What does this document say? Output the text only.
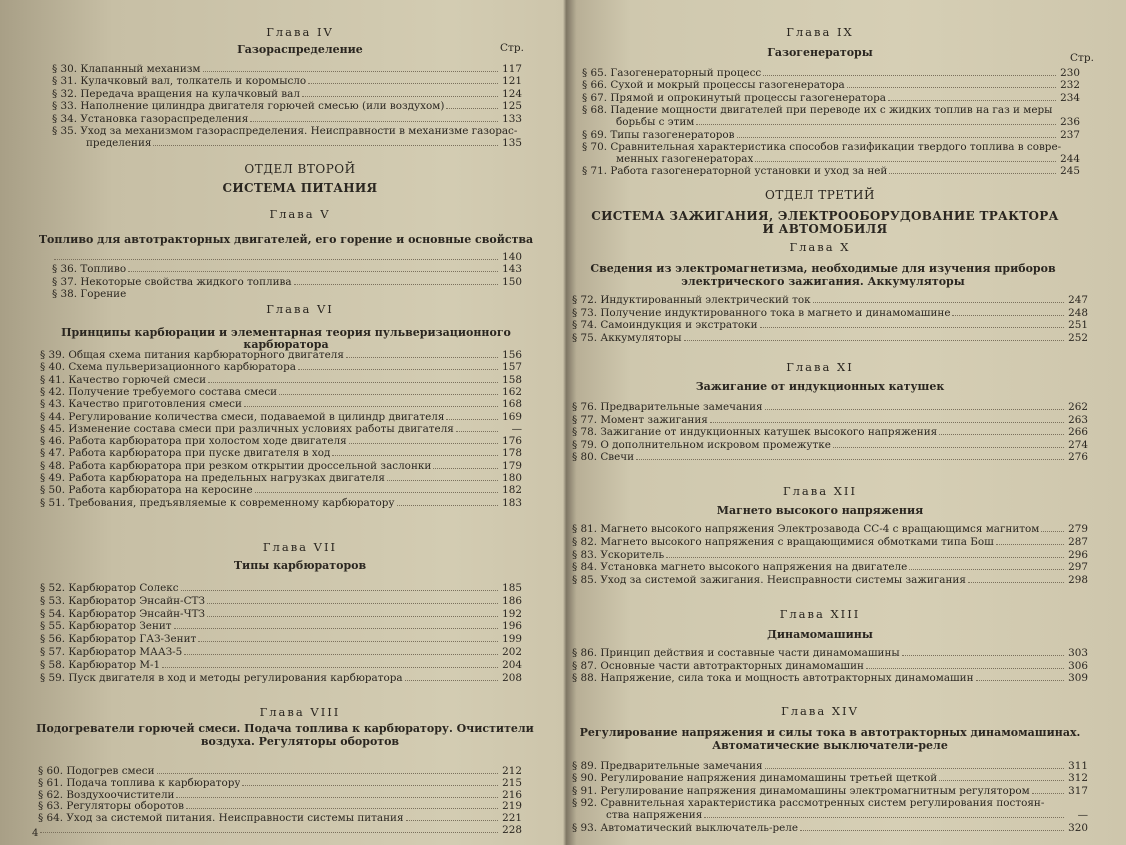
Глава IV
Газораспределение	Стр.
§ 30. Клапанный механизм	117
§ 31. Кулачковый вал, толкатель и коромысло	121
§ 32. Передача вращения на кулачковый вал	124
§ 33. Наполнение цилиндра двигателя горючей смесью (или воздухом)	125
§ 34. Установка газораспределения	133
§ 35. Уход за механизмом газораспределения. Неисправности в механизме газорас-
пределения	135
ОТДЕЛ ВТОРОЙ
СИСТЕМА ПИТАНИЯ
Глава V
Топливо для автотракторных двигателей, его горение и основные свойства
140
§ 36. Топливо	143
§ 37. Некоторые свойства жидкого топлива	150
§ 38. Горение
Глава VI
Принципы карбюрации и элементарная теория пульверизационного карбюратора
§ 39. Общая схема питания карбюраторного двигателя	156
§ 40. Схема пульверизационного карбюратора	157
§ 41. Качество горючей смеси	158
§ 42. Получение требуемого состава смеси	162
§ 43. Качество приготовления смеси	168
§ 44. Регулирование количества смеси, подаваемой в цилиндр двигателя	169
§ 45. Изменение состава смеси при различных условиях работы двигателя	—
§ 46. Работа карбюратора при холостом ходе двигателя	176
§ 47. Работа карбюратора при пуске двигателя в ход	178
§ 48. Работа карбюратора при резком открытии дроссельной заслонки	179
§ 49. Работа карбюратора на предельных нагрузках двигателя	180
§ 50. Работа карбюратора на керосине	182
§ 51. Требования, предъявляемые к современному карбюратору	183
Глава VII
Типы карбюраторов
§ 52. Карбюратор Солекс	185
§ 53. Карбюратор Энсайн-СТЗ	186
§ 54. Карбюратор Энсайн-ЧТЗ	192
§ 55. Карбюратор Зенит	196
§ 56. Карбюратор ГАЗ-Зенит	199
§ 57. Карбюратор МААЗ-5	202
§ 58. Карбюратор М-1	204
§ 59. Пуск двигателя в ход и методы регулирования карбюратора	208
Глава VIII
Подогреватели горючей смеси. Подача топлива к карбюратору. Очистители
воздуха. Регуляторы оборотов
§ 60. Подогрев смеси	212
§ 61. Подача топлива к карбюратору	215
§ 62. Воздухоочистители	216
§ 63. Регуляторы оборотов	219
§ 64. Уход за системой питания. Неисправности системы питания	221
228
4
Глава IX
Газогенераторы	Стр.
§ 65. Газогенераторный процесс	230
§ 66. Сухой и мокрый процессы газогенератора	232
§ 67. Прямой и опрокинутый процессы газогенератора	234
§ 68. Падение мощности двигателей при переводе их с жидких топлив на газ и меры
борьбы с этим	236
§ 69. Типы газогенераторов	237
§ 70. Сравнительная характеристика способов газификации твердого топлива в совре-
менных газогенераторах	244
§ 71. Работа газогенераторной установки и уход за ней	245
ОТДЕЛ ТРЕТИЙ
СИСТЕМА ЗАЖИГАНИЯ, ЭЛЕКТРООБОРУДОВАНИЕ ТРАКТОРА
И АВТОМОБИЛЯ
Глава X
Сведения из электромагнетизма, необходимые для изучения приборов
электрического зажигания. Аккумуляторы
§ 72. Индуктированный электрический ток	247
§ 73. Получение индуктированного тока в магнето и динамомашине	248
§ 74. Самоиндукция и экстратоки	251
§ 75. Аккумуляторы	252
Глава XI
Зажигание от индукционных катушек
§ 76. Предварительные замечания	262
§ 77. Момент зажигания	263
§ 78. Зажигание от индукционных катушек высокого напряжения	266
§ 79. О дополнительном искровом промежутке	274
§ 80. Свечи	276
Глава XII
Магнето высокого напряжения
§ 81. Магнето высокого напряжения Электрозавода СС-4 с вращающимся магнитом	279
§ 82. Магнето высокого напряжения с вращающимися обмотками типа Бош	287
§ 83. Ускоритель	296
§ 84. Установка магнето высокого напряжения на двигателе	297
§ 85. Уход за системой зажигания. Неисправности системы зажигания	298
Глава XIII
Динамомашины
§ 86. Принцип действия и составные части динамомашины	303
§ 87. Основные части автотракторных динамомашин	306
§ 88. Напряжение, сила тока и мощность автотракторных динамомашин	309
Глава XIV
Регулирование напряжения и силы тока в автотракторных динамомашинах.
Автоматические выключатели-реле
§ 89. Предварительные замечания	311
§ 90. Регулирование напряжения динамомашины третьей щеткой	312
§ 91. Регулирование напряжения динамомашины электромагнитным регулятором	317
§ 92. Сравнительная характеристика рассмотренных систем регулирования постоян-
ства напряжения	—
§ 93. Автоматический выключатель-реле	320
